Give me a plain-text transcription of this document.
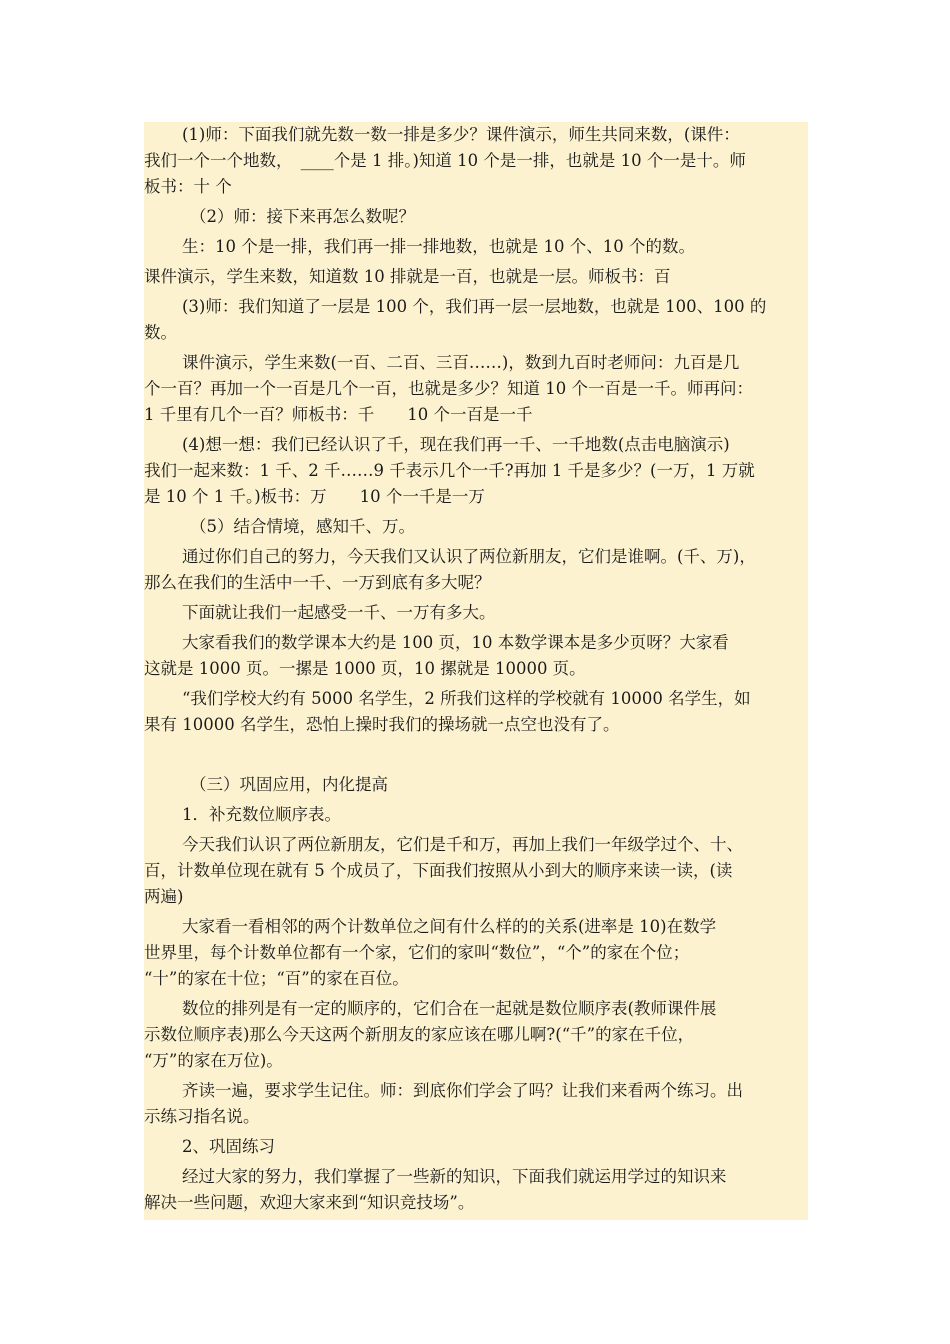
(1)师：下面我们就先数一数一排是多少？课件演示，师生共同来数，(课件：
我们一个一个地数，　____个是 1 排。)知道 10 个是一排，也就是 10 个一是十。师
板书：十 个
（2）师：接下来再怎么数呢？
生：10 个是一排，我们再一排一排地数，也就是 10 个、10 个的数。
课件演示，学生来数，知道数 10 排就是一百，也就是一层。师板书：百
(3)师：我们知道了一层是 100 个，我们再一层一层地数，也就是 100、100 的
数。
课件演示，学生来数(一百、二百、三百……)，数到九百时老师问：九百是几
个一百？再加一个一百是几个一百，也就是多少？知道 10 个一百是一千。师再问：
1 千里有几个一百？师板书：千　　10 个一百是一千
(4)想一想：我们已经认识了千，现在我们再一千、一千地数(点击电脑演示)
我们一起来数：1 千、2 千……9 千表示几个一千?再加 1 千是多少？(一万，1 万就
是 10 个 1 千。)板书：万　　10 个一千是一万
（5）结合情境，感知千、万。
通过你们自己的努力，今天我们又认识了两位新朋友，它们是谁啊。(千、万)，
那么在我们的生活中一千、一万到底有多大呢？
下面就让我们一起感受一千、一万有多大。
大家看我们的数学课本大约是 100 页，10 本数学课本是多少页呀？大家看
这就是 1000 页。一摞是 1000 页，10 摞就是 10000 页。
“我们学校大约有 5000 名学生，2 所我们这样的学校就有 10000 名学生，如
果有 10000 名学生，恐怕上操时我们的操场就一点空也没有了。
（三）巩固应用，内化提高
1．补充数位顺序表。
今天我们认识了两位新朋友，它们是千和万，再加上我们一年级学过个、十、
百，计数单位现在就有 5 个成员了，下面我们按照从小到大的顺序来读一读，(读
两遍)
大家看一看相邻的两个计数单位之间有什么样的的关系(进率是 10)在数学
世界里，每个计数单位都有一个家，它们的家叫“数位”，“个”的家在个位；
“十”的家在十位；“百”的家在百位。
数位的排列是有一定的顺序的，它们合在一起就是数位顺序表(教师课件展
示数位顺序表)那么今天这两个新朋友的家应该在哪儿啊?(“千”的家在千位，
“万”的家在万位)。
齐读一遍，要求学生记住。师：到底你们学会了吗？让我们来看两个练习。出
示练习指名说。
2、巩固练习
经过大家的努力，我们掌握了一些新的知识，下面我们就运用学过的知识来
解决一些问题，欢迎大家来到“知识竞技场”。
